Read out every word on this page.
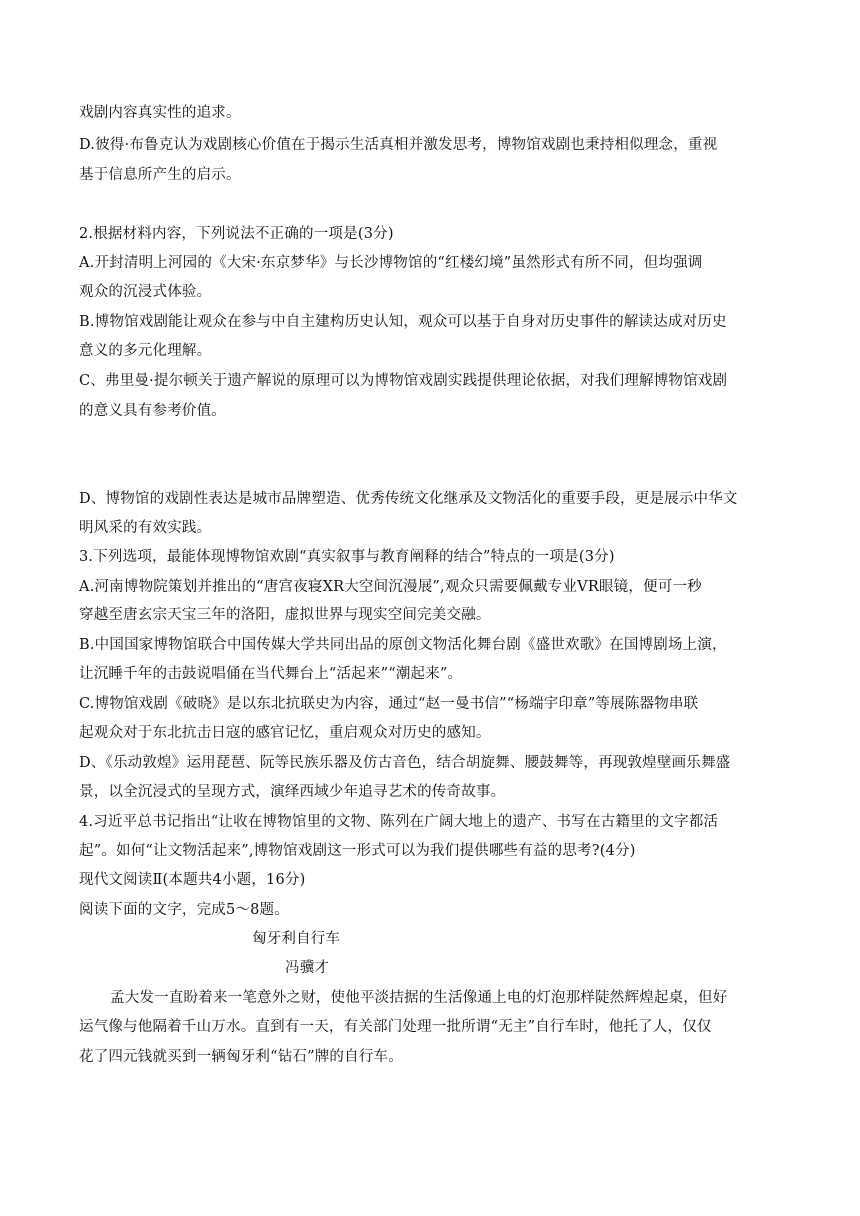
戏剧内容真实性的追求。
D.彼得·布鲁克认为戏剧核心价值在于揭示生活真相并激发思考，博物馆戏剧也秉持相似理念，重视
基于信息所产生的启示。
2.根据材料内容，下列说法不正确的一项是(3分)
A.开封清明上河园的《大宋·东京梦华》与长沙博物馆的“红楼幻境”虽然形式有所不同，但均强调
观众的沉浸式体验。
B.博物馆戏剧能让观众在参与中自主建构历史认知，观众可以基于自身对历史事件的解读达成对历史
意义的多元化理解。
C、弗里曼·提尔顿关于遗产解说的原理可以为博物馆戏剧实践提供理论依据，对我们理解博物馆戏剧
的意义具有参考价值。
D、博物馆的戏剧性表达是城市品牌塑造、优秀传统文化继承及文物活化的重要手段，更是展示中华文
明风采的有效实践。
3.下列选项，最能体现博物馆欢剧“真实叙事与教育阐释的结合”特点的一项是(3分)
A.河南博物院策划并推出的“唐宫夜寝XR大空间沉漫展”,观众只需要佩戴专业VR眼镜，便可一秒
穿越至唐玄宗天宝三年的洛阳，虚拟世界与现实空间完美交融。
B.中国国家博物馆联合中国传媒大学共同出品的原创文物活化舞台剧《盛世欢歌》在国博剧场上演，
让沉睡千年的击鼓说唱俑在当代舞台上“活起来”“潮起来”。
C.博物馆戏剧《破晓》是以东北抗联史为内容，通过“赵一曼书信”“杨端宇印章”等展陈器物串联
起观众对于东北抗击日寇的感官记忆，重启观众对历史的感知。
D、《乐动敦煌》运用琵琶、阮等民族乐器及仿古音色，结合胡旋舞、腰鼓舞等，再现敦煌壁画乐舞盛
景，以全沉浸式的呈现方式，演绎西域少年追寻艺术的传奇故事。
4.习近平总书记指出“让收在博物馆里的文物、陈列在广阔大地上的遗产、书写在古籍里的文字都活
起”。如何“让文物活起来”,博物馆戏剧这一形式可以为我们提供哪些有益的思考?(4分)
现代文阅读Ⅱ(本题共4小题，16分)
阅读下面的文字，完成5～8题。
匈牙利自行车
冯骥才
孟大发一直盼着来一笔意外之财，使他平淡拮据的生活像通上电的灯泡那样陡然辉煌起桌，但好
运气像与他隔着千山万水。直到有一天，有关部门处理一批所谓“无主”自行车时，他托了人，仅仅
花了四元钱就买到一辆匈牙利“钻石”牌的自行车。
